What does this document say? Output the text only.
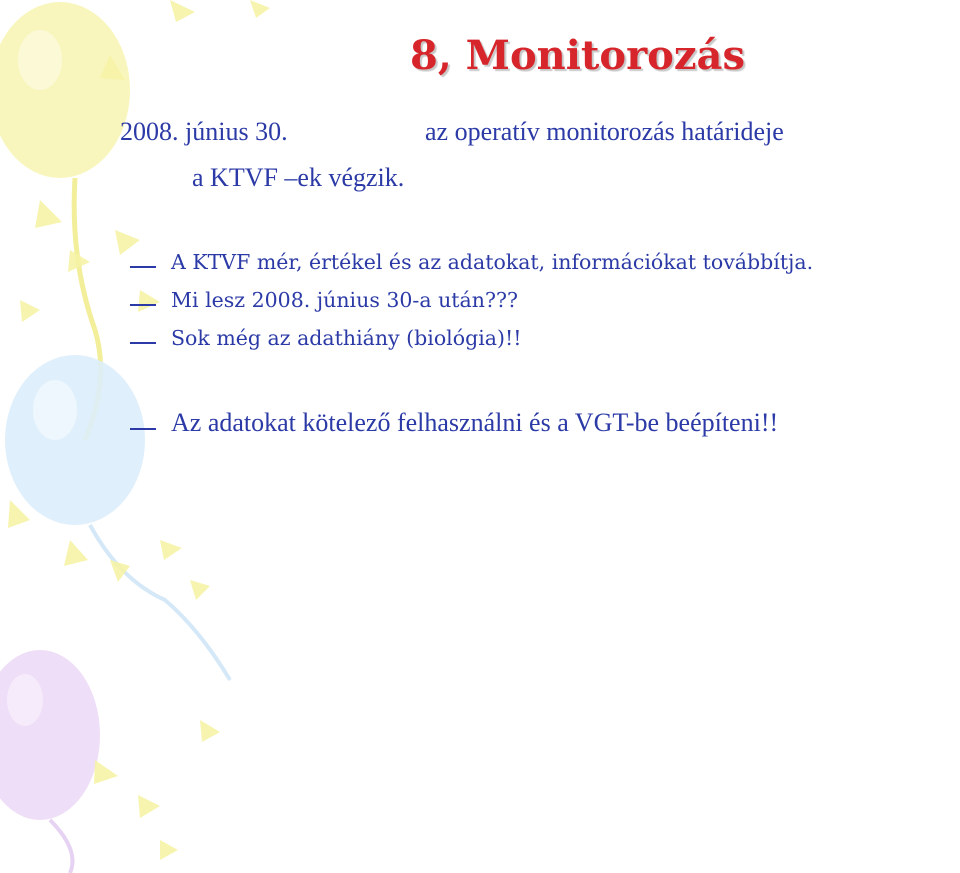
8, Monitorozás

2008. június 30.	az operatív monitorozás határideje

a KTVF –ek végzik.

A KTVF mér, értékel és az adatokat, információkat továbbítja.
Mi lesz 2008. június 30-a után???
Sok még az adathiány (biológia)!!
Az adatokat kötelező felhasználni és a VGT-be beépíteni!!
